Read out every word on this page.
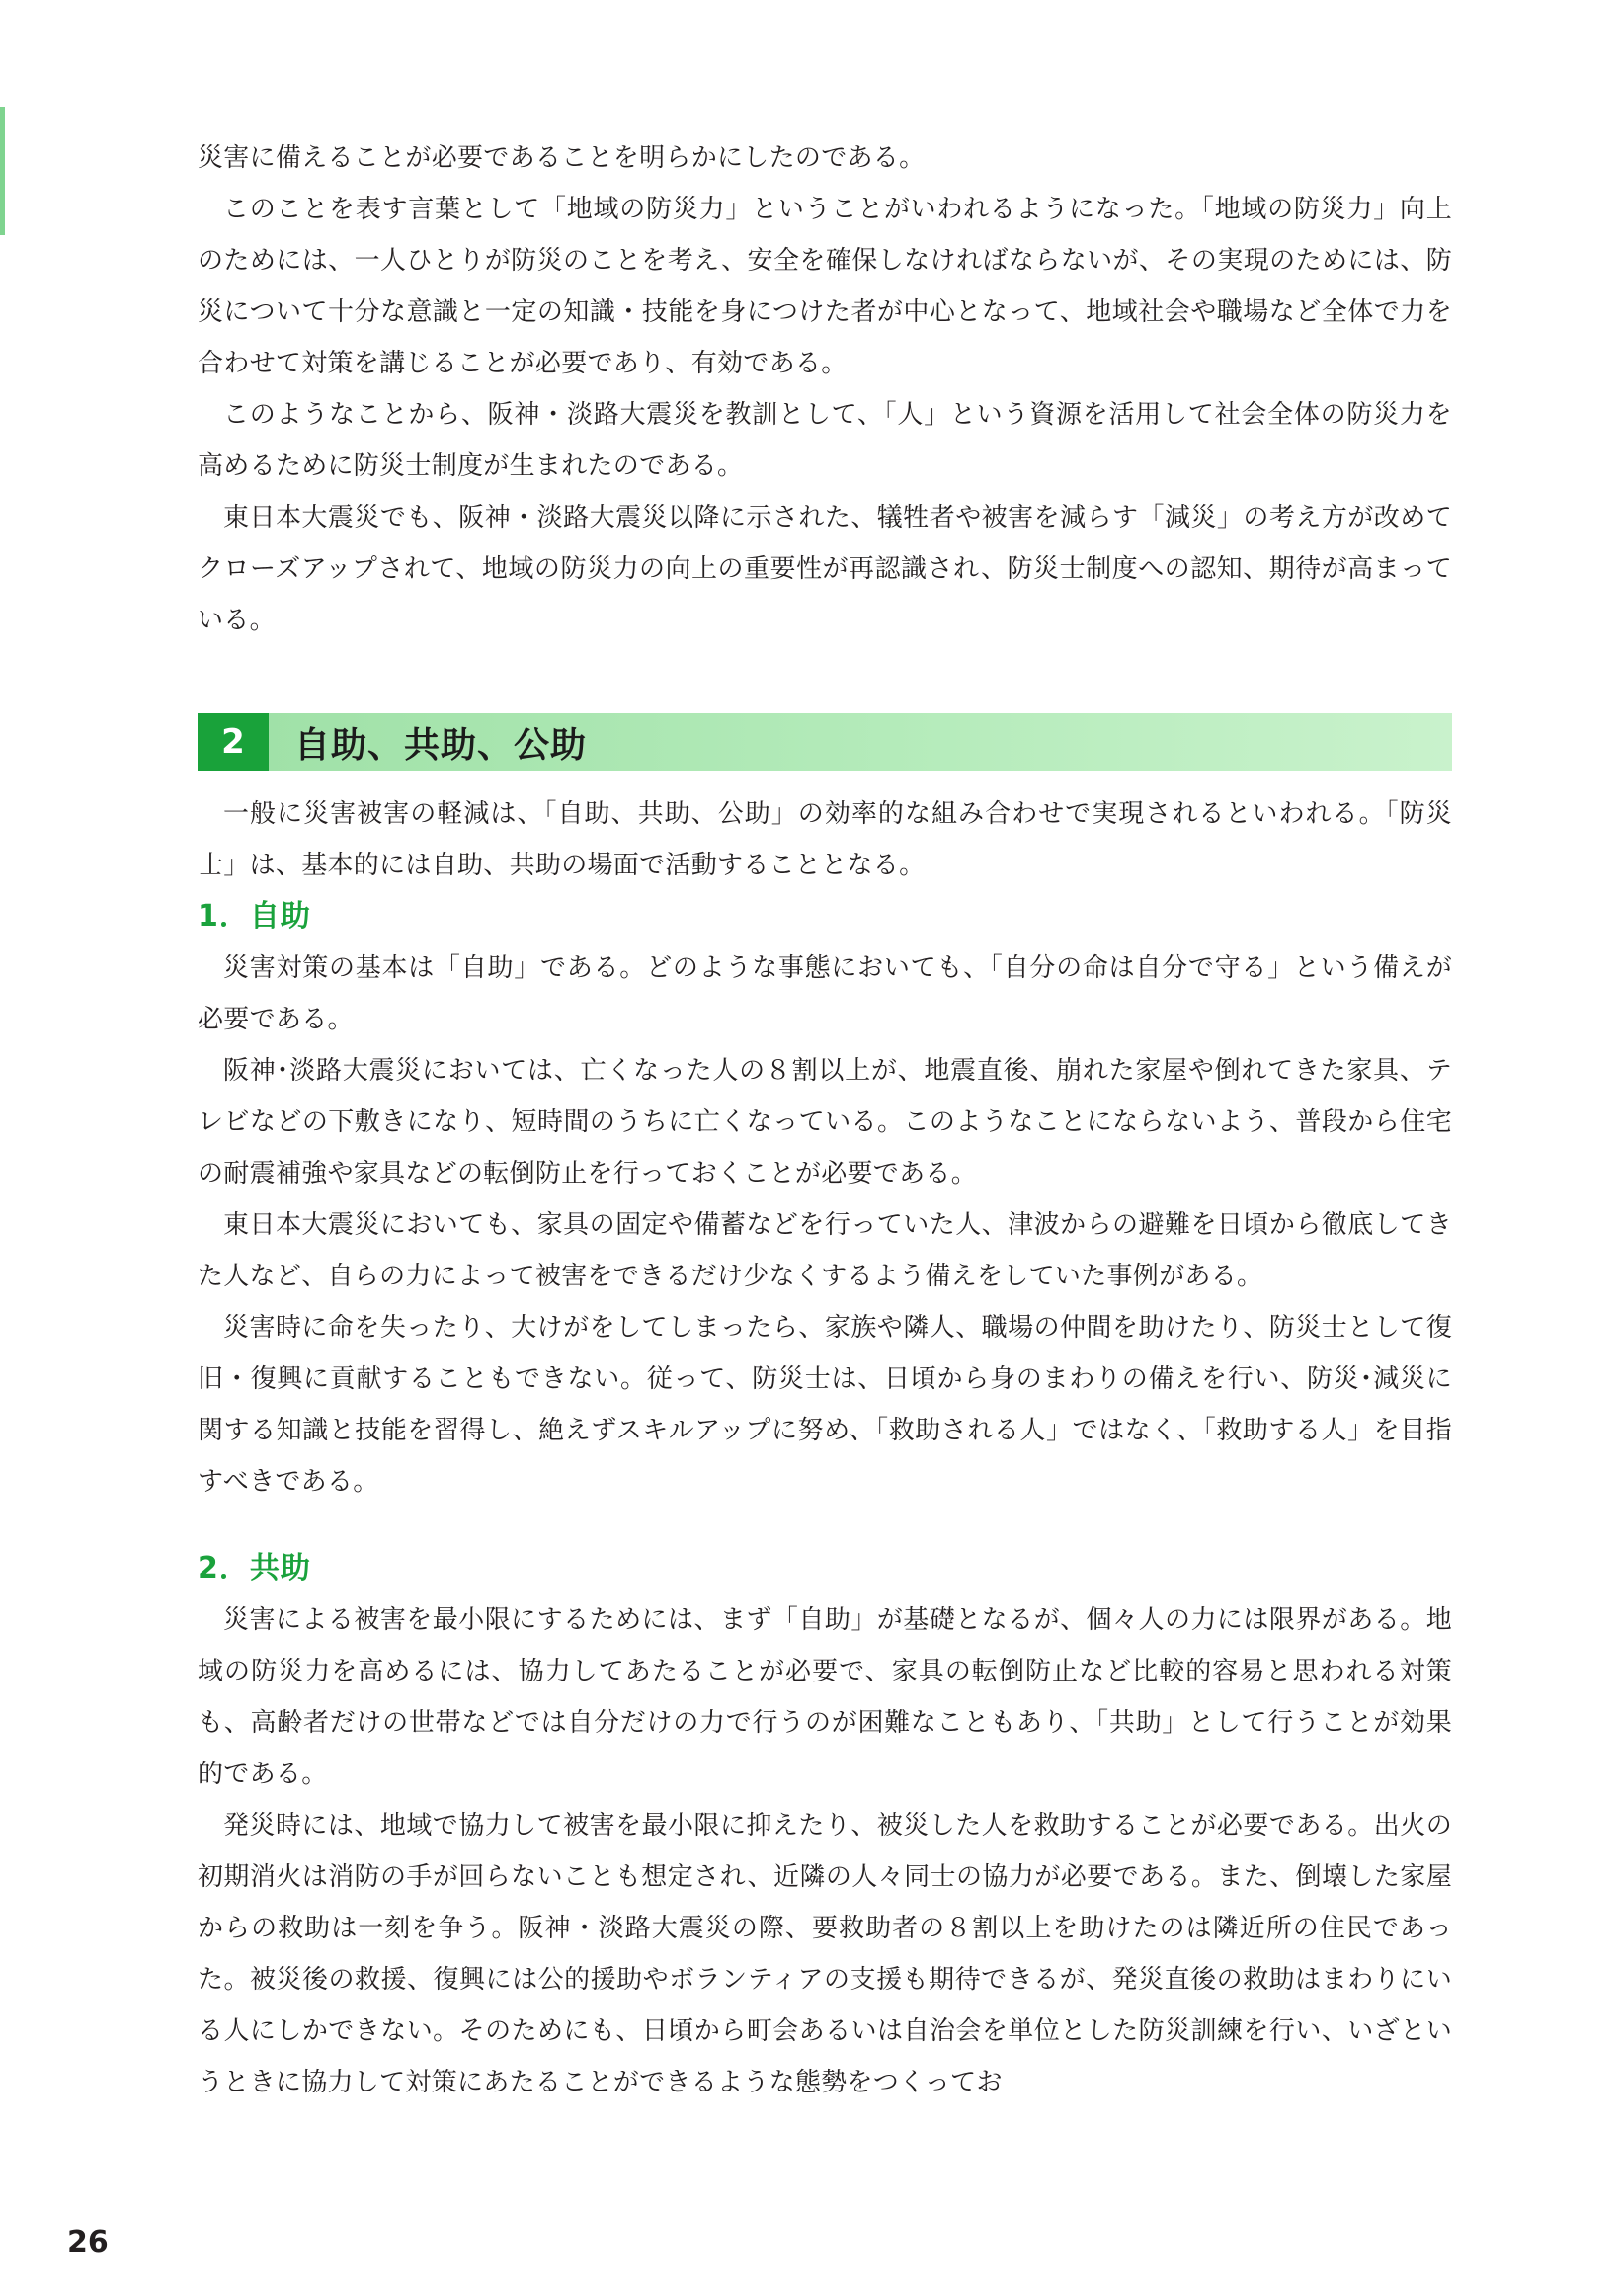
災害に備えることが必要であることを明らかにしたのである。

このことを表す言葉として「地域の防災力」ということがいわれるようになった。「地域の防災力」向上のためには、一人ひとりが防災のことを考え、安全を確保しなければならないが、その実現のためには、防災について十分な意識と一定の知識・技能を身につけた者が中心となって、地域社会や職場など全体で力を合わせて対策を講じることが必要であり、有効である。

このようなことから、阪神・淡路大震災を教訓として、「人」という資源を活用して社会全体の防災力を高めるために防災士制度が生まれたのである。

東日本大震災でも、阪神・淡路大震災以降に示された、犠牲者や被害を減らす「減災」の考え方が改めてクローズアップされて、地域の防災力の向上の重要性が再認識され、防災士制度への認知、期待が高まっている。

2	自助、共助、公助

一般に災害被害の軽減は、「自助、共助、公助」の効率的な組み合わせで実現されるといわれる。「防災士」は、基本的には自助、共助の場面で活動することとなる。

1．自助

災害対策の基本は「自助」である。どのような事態においても、「自分の命は自分で守る」という備えが必要である。

阪神･淡路大震災においては、亡くなった人の８割以上が、地震直後、崩れた家屋や倒れてきた家具、テレビなどの下敷きになり、短時間のうちに亡くなっている。このようなことにならないよう、普段から住宅の耐震補強や家具などの転倒防止を行っておくことが必要である。

東日本大震災においても、家具の固定や備蓄などを行っていた人、津波からの避難を日頃から徹底してきた人など、自らの力によって被害をできるだけ少なくするよう備えをしていた事例がある。

災害時に命を失ったり、大けがをしてしまったら、家族や隣人、職場の仲間を助けたり、防災士として復旧・復興に貢献することもできない。従って、防災士は、日頃から身のまわりの備えを行い、防災･減災に関する知識と技能を習得し、絶えずスキルアップに努め、「救助される人」ではなく、「救助する人」を目指すべきである。

2．共助

災害による被害を最小限にするためには、まず「自助」が基礎となるが、個々人の力には限界がある。地域の防災力を高めるには、協力してあたることが必要で、家具の転倒防止など比較的容易と思われる対策も、高齢者だけの世帯などでは自分だけの力で行うのが困難なこともあり、「共助」として行うことが効果的である。

発災時には、地域で協力して被害を最小限に抑えたり、被災した人を救助することが必要である。出火の初期消火は消防の手が回らないことも想定され、近隣の人々同士の協力が必要である。また、倒壊した家屋からの救助は一刻を争う。阪神・淡路大震災の際、要救助者の８割以上を助けたのは隣近所の住民であった。被災後の救援、復興には公的援助やボランティアの支援も期待できるが、発災直後の救助はまわりにいる人にしかできない。そのためにも、日頃から町会あるいは自治会を単位とした防災訓練を行い、いざというときに協力して対策にあたることができるような態勢をつくってお

26
